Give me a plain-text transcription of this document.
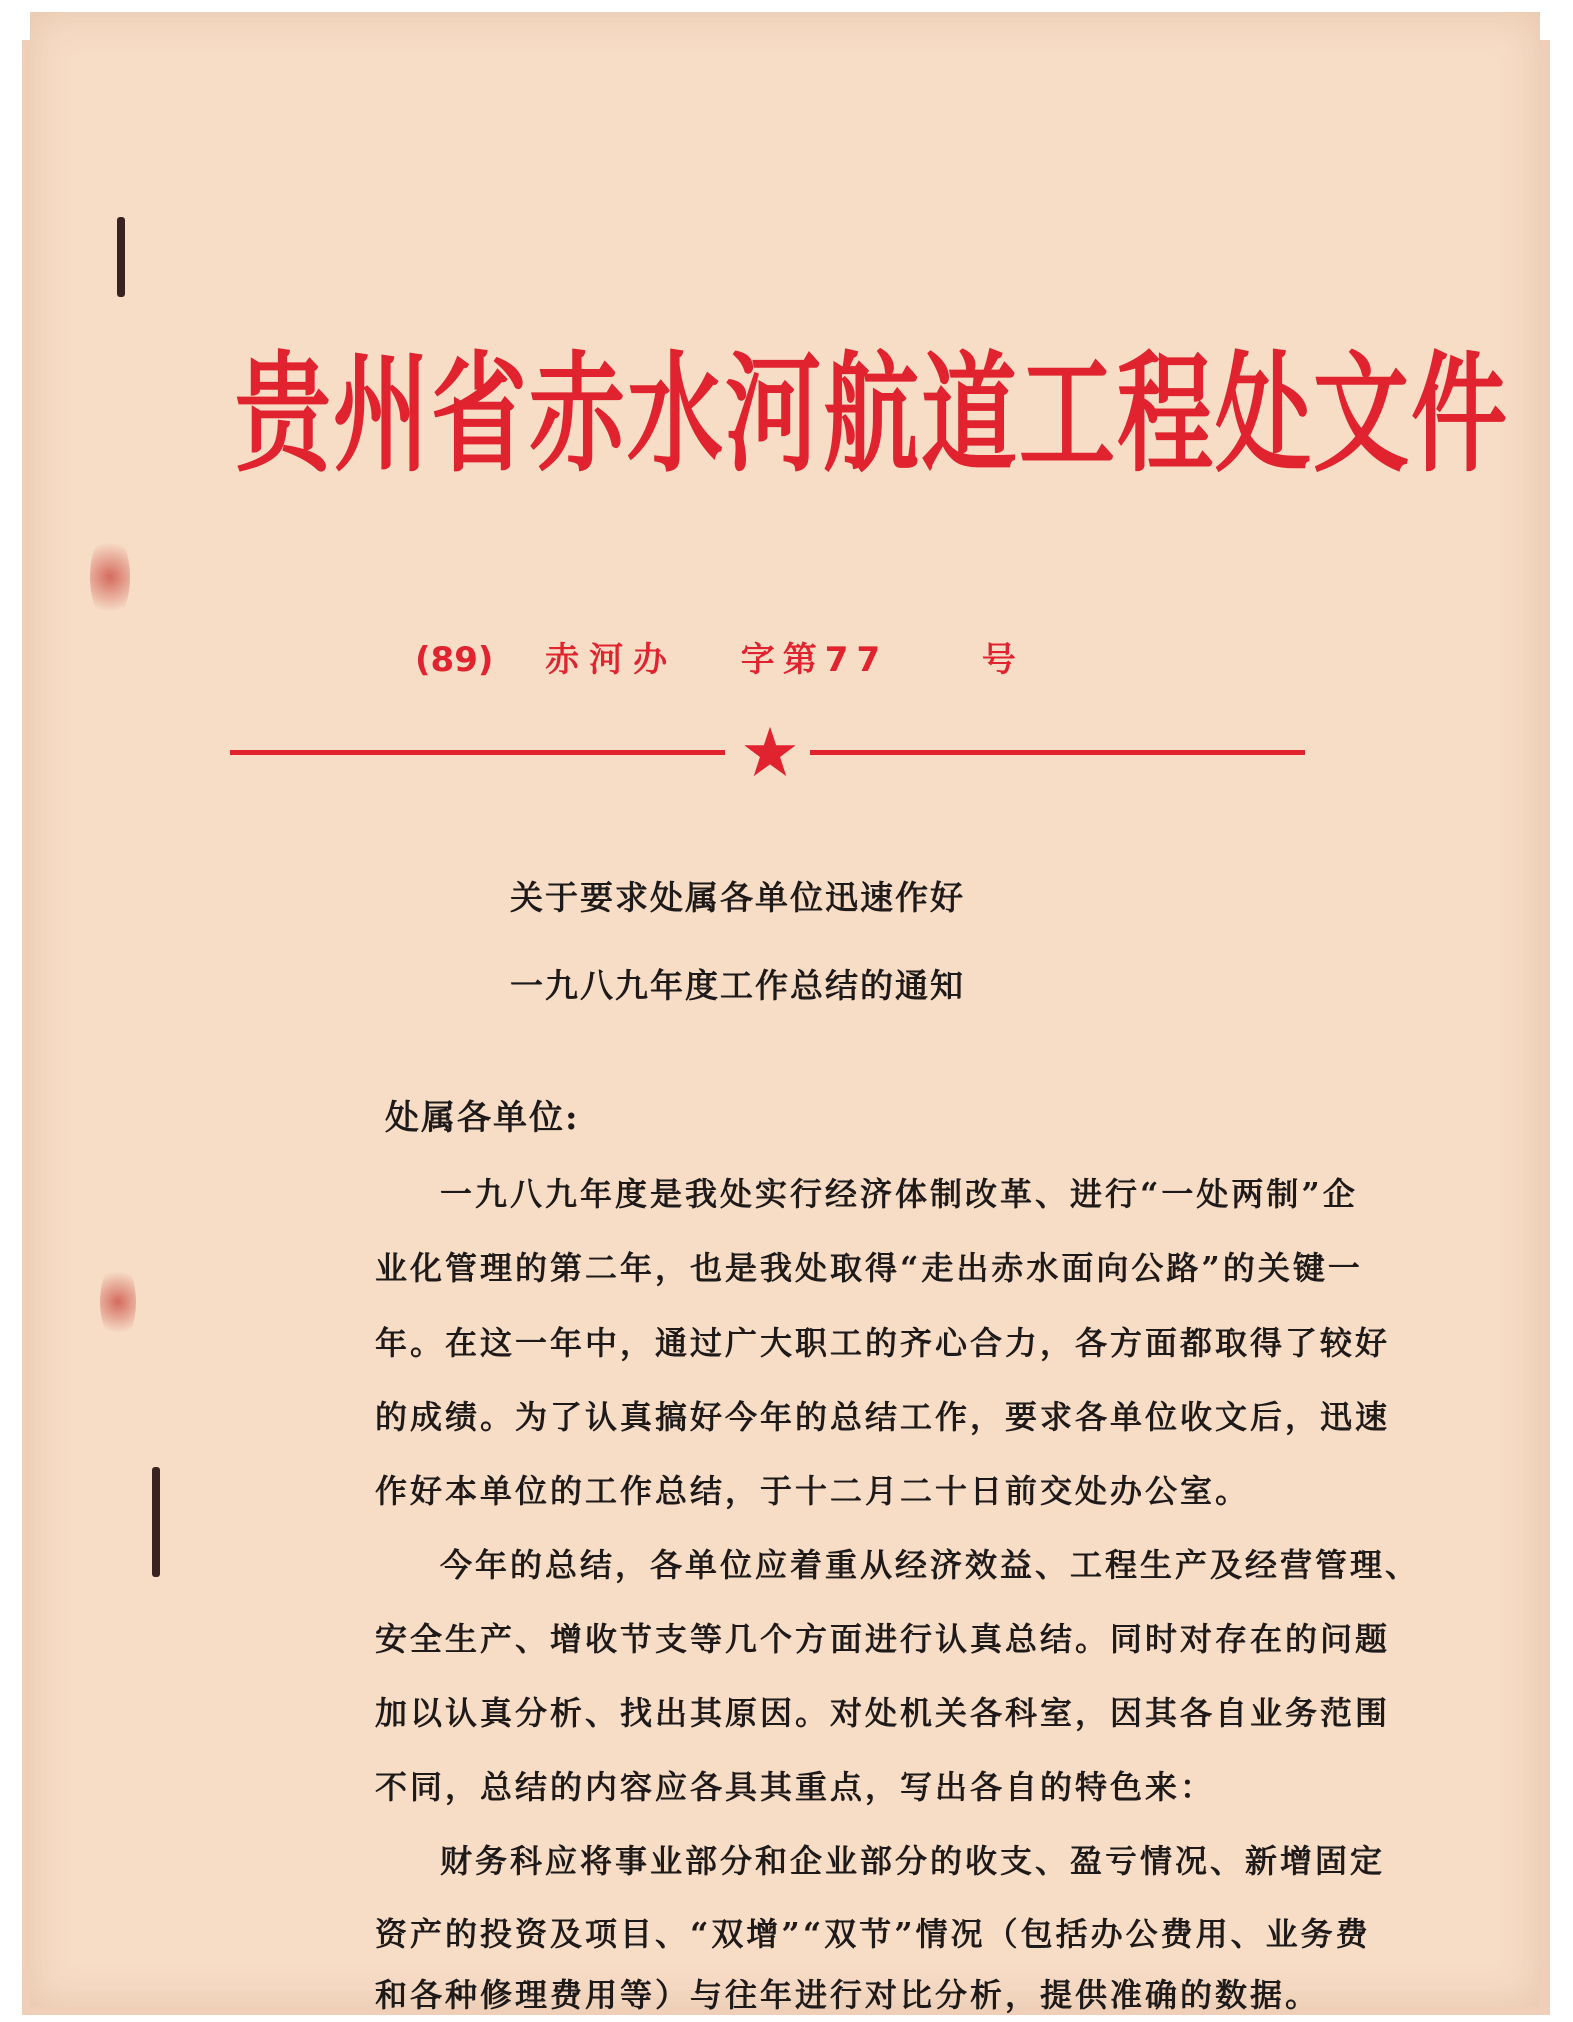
贵州省赤水河航道工程处文件
(89) 赤河办 字第77	号
关于要求处属各单位迅速作好
一九八九年度工作总结的通知
处属各单位:
一九八九年度是我处实行经济体制改革、进行“一处两制”企
业化管理的第二年，也是我处取得“走出赤水面向公路”的关键一
年。在这一年中，通过广大职工的齐心合力，各方面都取得了较好
的成绩。为了认真搞好今年的总结工作，要求各单位收文后，迅速
作好本单位的工作总结，于十二月二十日前交处办公室。
今年的总结，各单位应着重从经济效益、工程生产及经营管理、
安全生产、增收节支等几个方面进行认真总结。同时对存在的问题
加以认真分析、找出其原因。对处机关各科室，因其各自业务范围
不同，总结的内容应各具其重点，写出各自的特色来：
财务科应将事业部分和企业部分的收支、盈亏情况、新增固定
资产的投资及项目、“双增”“双节”情况（包括办公费用、业务费
和各种修理费用等）与往年进行对比分析，提供准确的数据。
